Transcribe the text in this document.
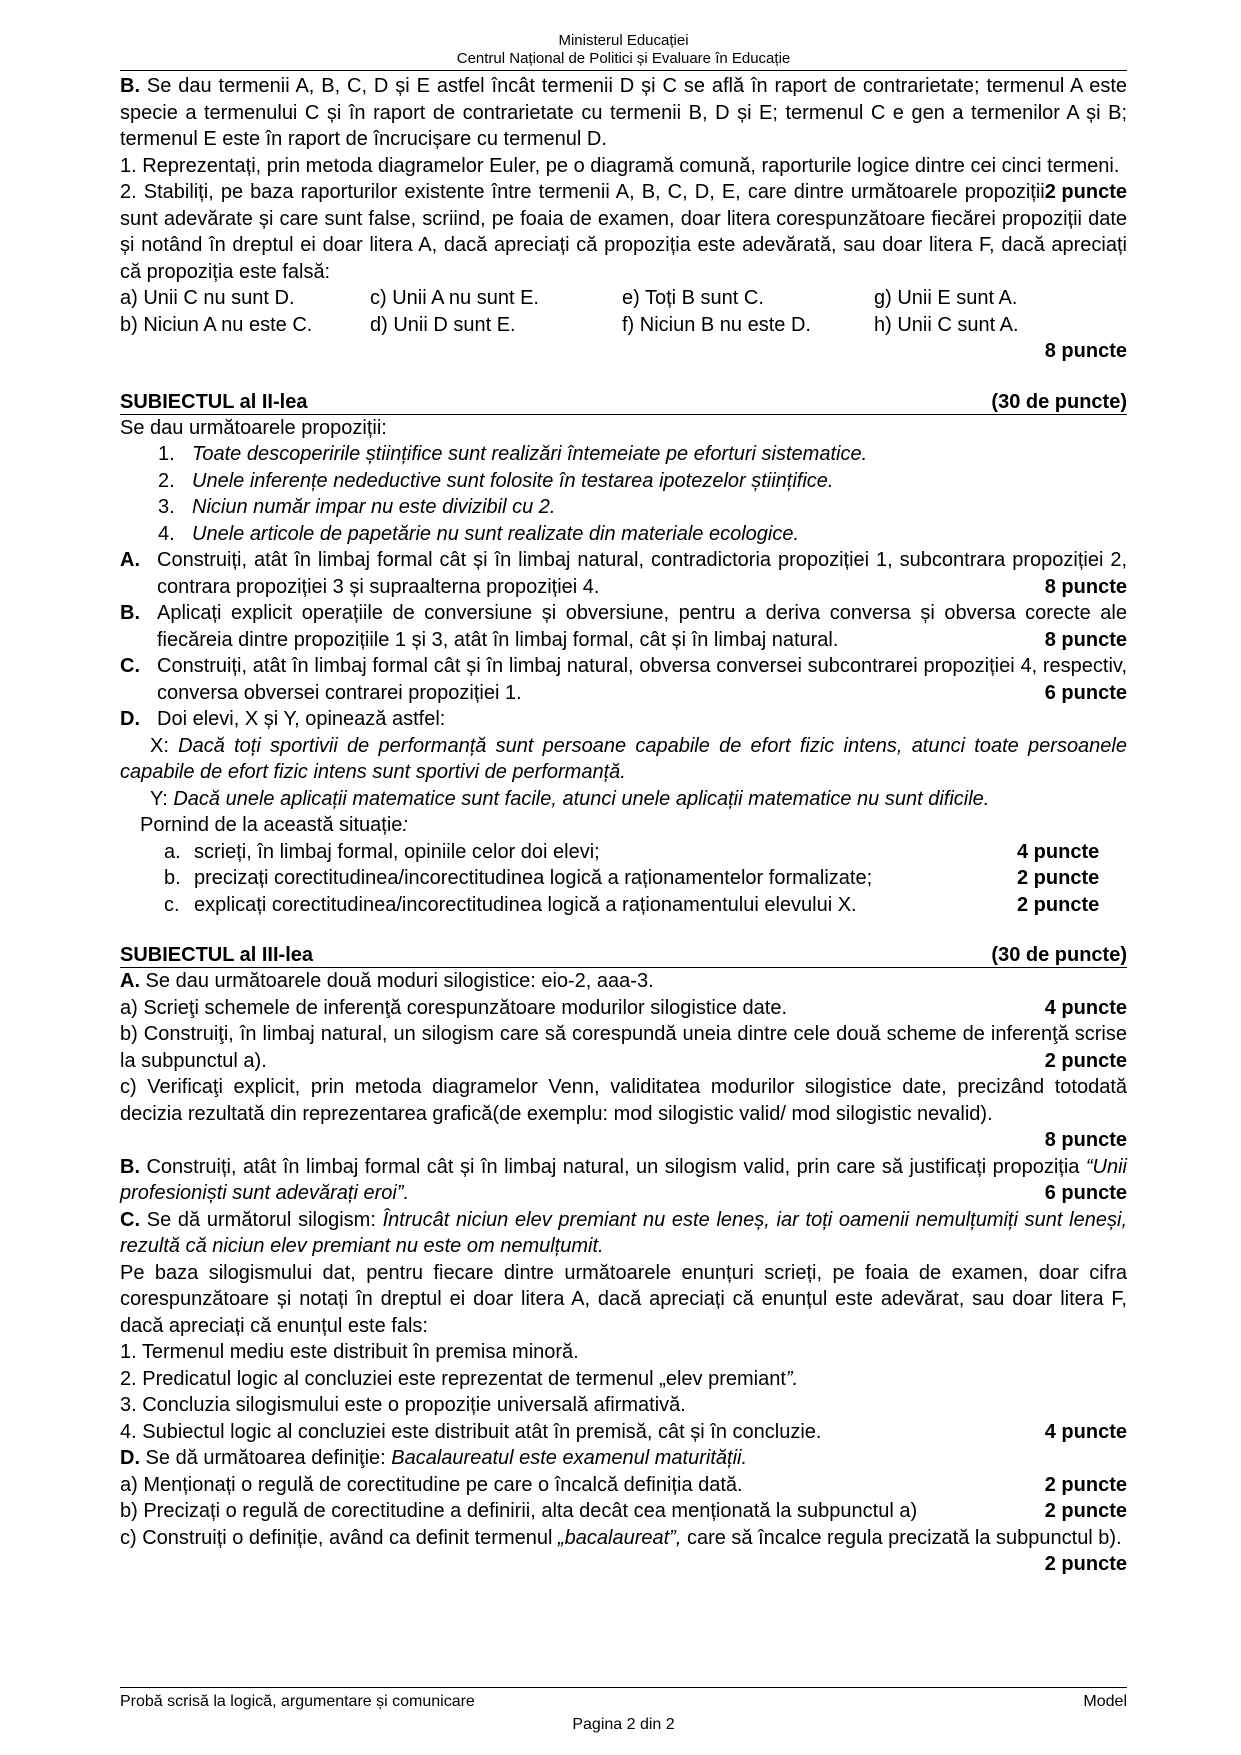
Ministerul Educației
Centrul Național de Politici și Evaluare în Educație

B. Se dau termenii A, B, C, D și E astfel încât termenii D și C se află în raport de contrarietate; termenul A este specie a termenului C și în raport de contrarietate cu termenii B, D și E; termenul C e gen a termenilor A și B; termenul E este în raport de încrucișare cu termenul D.

1. Reprezentați, prin metoda diagramelor Euler, pe o diagramă comună, raporturile logice dintre cei cinci termeni.
2 puncte

2. Stabiliți, pe baza raporturilor existente între termenii A, B, C, D, E, care dintre următoarele propoziții sunt adevărate și care sunt false, scriind, pe foaia de examen, doar litera corespunzătoare fiecărei propoziții date și notând în dreptul ei doar litera A, dacă apreciați că propoziția este adevărată, sau doar litera F, dacă apreciați că propoziția este falsă:

a) Unii C nu sunt D.	c) Unii A nu sunt E.	e) Toți B sunt C.	g) Unii E sunt A.
b) Niciun A nu este C.	d) Unii D sunt E.	f) Niciun B nu este D.	h) Unii C sunt A.

8 puncte

SUBIECTUL al II-lea	(30 de puncte)

Se dau următoarele propoziții:

1. Toate descoperirile științifice sunt realizări întemeiate pe eforturi sistematice.
2. Unele inferențe nedeductive sunt folosite în testarea ipotezelor științifice.
3. Niciun număr impar nu este divizibil cu 2.
4. Unele articole de papetărie nu sunt realizate din materiale ecologice.
A. Construiți, atât în limbaj formal cât și în limbaj natural, contradictoria propoziției 1, subcontrara propoziției 2, contrara propoziției 3 și supraalterna propoziției 4.	8 puncte
B. Aplicați explicit operațiile de conversiune și obversiune, pentru a deriva conversa și obversa corecte ale fiecăreia dintre propozițiile 1 și 3, atât în limbaj formal, cât și în limbaj natural.	8 puncte
C. Construiți, atât în limbaj formal cât și în limbaj natural, obversa conversei subcontrarei propoziției 4, respectiv, conversa obversei contrarei propoziției 1.	6 puncte
D. Doi elevi, X și Y, opinează astfel:

X: Dacă toți sportivii de performanță sunt persoane capabile de efort fizic intens, atunci toate persoanele capabile de efort fizic intens sunt sportivi de performanță.

Y: Dacă unele aplicații matematice sunt facile, atunci unele aplicații matematice nu sunt dificile.

Pornind de la această situație:

a. scrieți, în limbaj formal, opiniile celor doi elevi;	4 puncte
b. precizați corectitudinea/incorectitudinea logică a raționamentelor formalizate;	2 puncte
c. explicați corectitudinea/incorectitudinea logică a raționamentului elevului X.	2 puncte
SUBIECTUL al III-lea	(30 de puncte)

A. Se dau următoarele două moduri silogistice: eio-2, aaa-3.

a) Scrieţi schemele de inferenţă corespunzătoare modurilor silogistice date.	4 puncte

b) Construiţi, în limbaj natural, un silogism care să corespundă uneia dintre cele două scheme de inferenţă scrise la subpunctul a).	2 puncte

c) Verificaţi explicit, prin metoda diagramelor Venn, validitatea modurilor silogistice date, precizând totodată decizia rezultată din reprezentarea grafică(de exemplu: mod silogistic valid/ mod silogistic nevalid).

8 puncte

B. Construiți, atât în limbaj formal cât și în limbaj natural, un silogism valid, prin care să justificați propoziția “Unii profesioniști sunt adevărați eroi”.	6 puncte

C. Se dă următorul silogism: Întrucât niciun elev premiant nu este leneș, iar toți oamenii nemulțumiți sunt leneși, rezultă că niciun elev premiant nu este om nemulțumit.

Pe baza silogismului dat, pentru fiecare dintre următoarele enunțuri scrieți, pe foaia de examen, doar cifra corespunzătoare și notați în dreptul ei doar litera A, dacă apreciați că enunțul este adevărat, sau doar litera F, dacă apreciați că enunțul este fals:

1. Termenul mediu este distribuit în premisa minoră.

2. Predicatul logic al concluziei este reprezentat de termenul „elev premiant”.

3. Concluzia silogismului este o propoziție universală afirmativă.

4. Subiectul logic al concluziei este distribuit atât în premisă, cât și în concluzie.	4 puncte

D. Se dă următoarea definiţie: Bacalaureatul este examenul maturității.

a) Menționați o regulă de corectitudine pe care o încalcă definiția dată.	2 puncte

b) Precizați o regulă de corectitudine a definirii, alta decât cea menționată la subpunctul a)	2 puncte

c) Construiți o definiție, având ca definit termenul „bacalaureat”, care să încalce regula precizată la subpunctul b).
2 puncte

Probă scrisă la logică, argumentare și comunicare	Model
Pagina 2 din 2
